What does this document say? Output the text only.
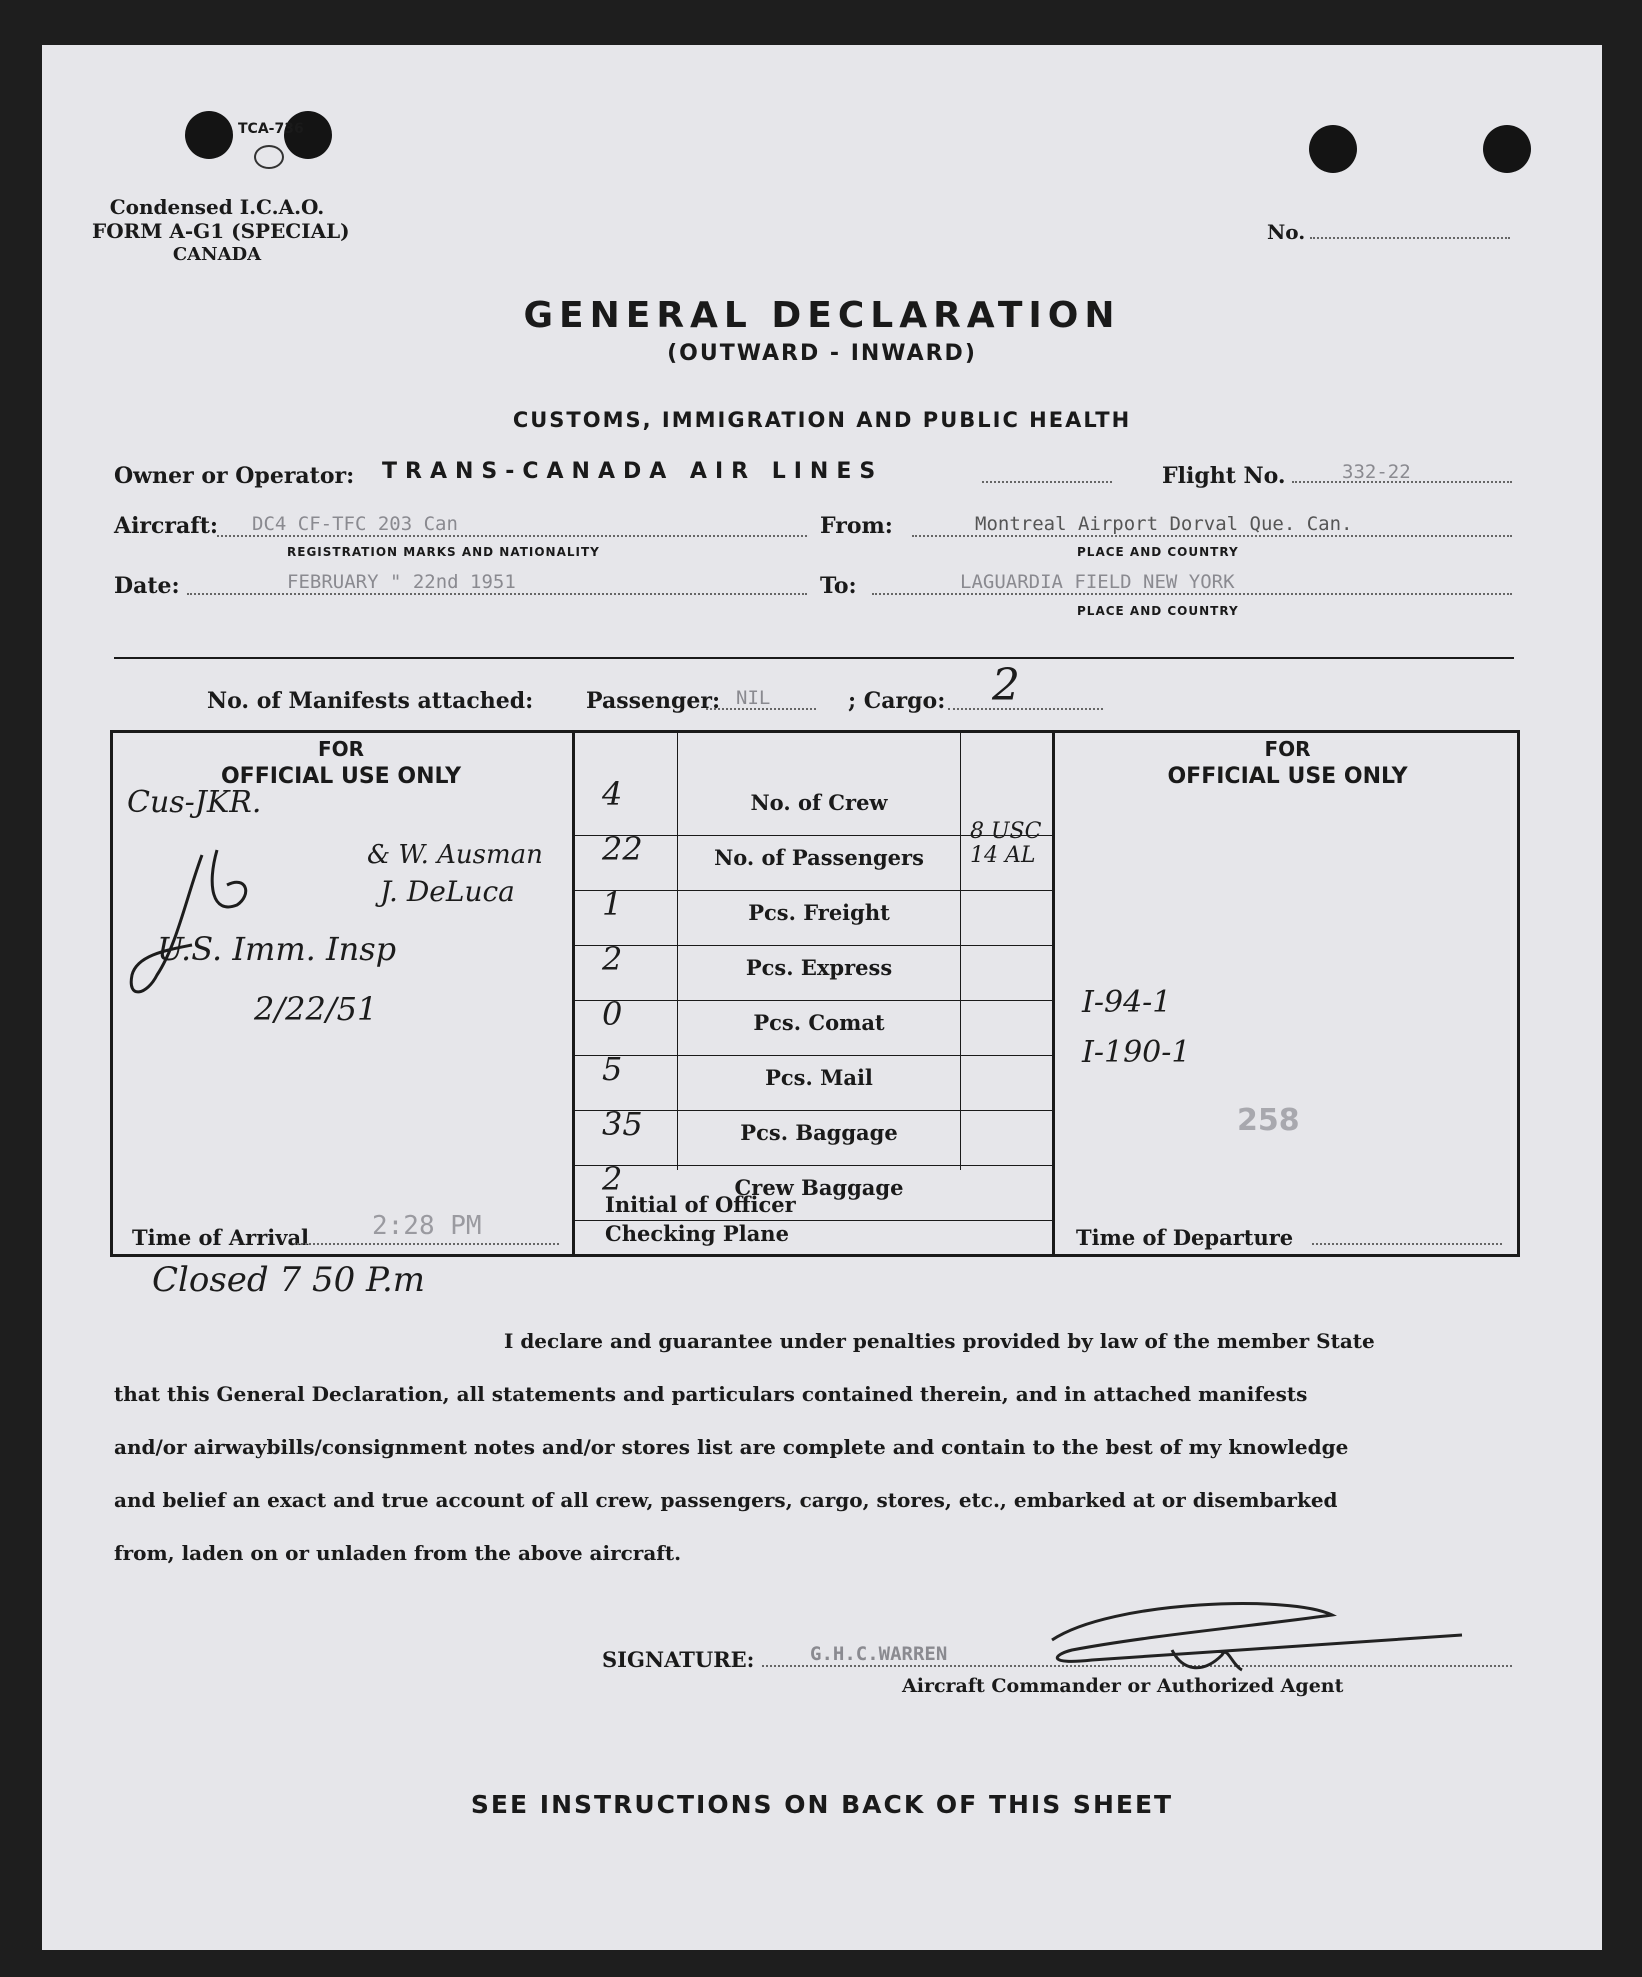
TCA-736
Condensed I.C.A.O.
FORM A-G1 (SPECIAL)
CANADA
No.
GENERAL DECLARATION
(OUTWARD - INWARD)
CUSTOMS, IMMIGRATION AND PUBLIC HEALTH
Owner or Operator: TRANS-CANADA AIR LINES	Flight No.	332-22
Aircraft: DC4 CF-TFC 203 Can
REGISTRATION MARKS AND NATIONALITY
From:	Montreal Airport Dorval Que. Can.
PLACE AND COUNTRY
Date:	FEBRUARY " 22nd 1951	To:	LAGUARDIA FIELD NEW YORK
PLACE AND COUNTRY
No. of Manifests attached: Passenger: NIL	; Cargo: 2
FOR
OFFICIAL USE ONLY
FOR
OFFICIAL USE ONLY
4	No. of Crew
22	No. of Passengers
8 USC 14 AL
1	Pcs. Freight
2	Pcs. Express
0	Pcs. Comat
5	Pcs. Mail
35	Pcs. Baggage
2	Crew Baggage
Initial of Officer
Checking Plane
Time of Arrival 2:28 PM	Time of Departure
Cus-JKR.
& W. Ausman
J. DeLuca
U.S. Imm. Insp
2/22/51	I-94-1
I-190-1
258
Closed 7 50 P.m
I declare and guarantee under penalties provided by law of the member State
that this General Declaration, all statements and particulars contained therein, and in attached manifests
and/or airwaybills/consignment notes and/or stores list are complete and contain to the best of my knowledge
and belief an exact and true account of all crew, passengers, cargo, stores, etc., embarked at or disembarked
from, laden on or unladen from the above aircraft.
SIGNATURE:	G.H.C.WARREN
Aircraft Commander or Authorized Agent
SEE INSTRUCTIONS ON BACK OF THIS SHEET
